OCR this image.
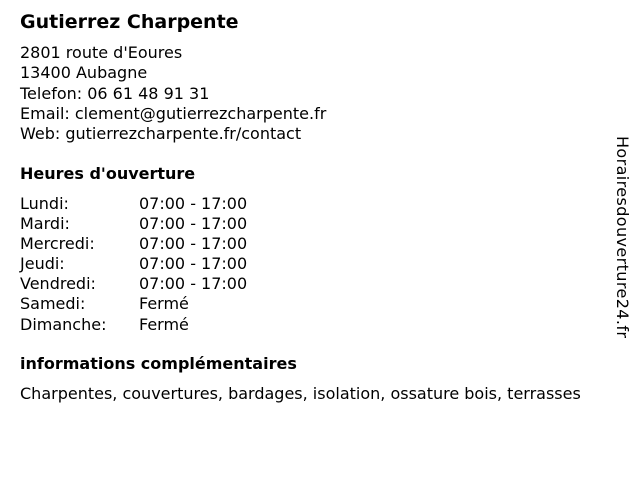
Gutierrez Charpente
2801 route d'Eoures
13400 Aubagne
Telefon: 06 61 48 91 31
Email: clement@gutierrezcharpente.fr
Web: gutierrezcharpente.fr/contact
Heures d'ouverture
Lundi:	07:00 - 17:00
Mardi:	07:00 - 17:00
Mercredi:	07:00 - 17:00
Jeudi:	07:00 - 17:00
Vendredi:	07:00 - 17:00
Samedi:	Fermé
Dimanche:	Fermé
informations complémentaires
Charpentes, couvertures, bardages, isolation, ossature bois, terrasses
Horairesdouverture24.fr
